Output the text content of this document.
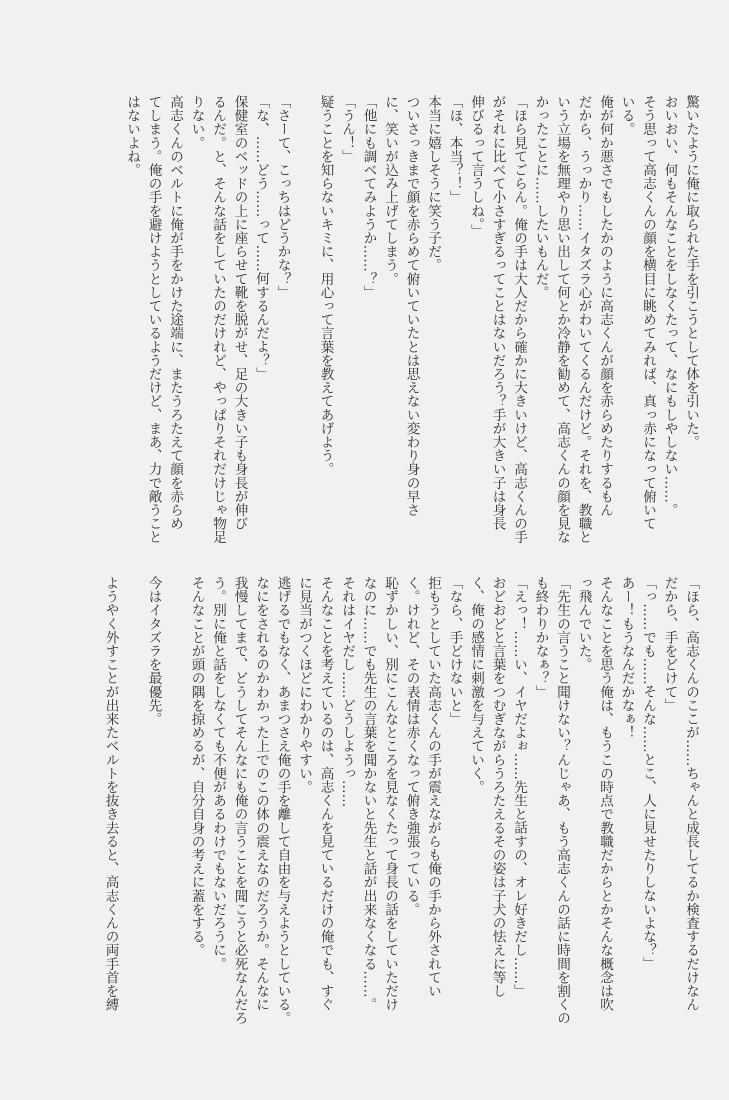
驚いたように俺に取られた手を引こうとして体を引いた。

おいおい、何もそんなことをしなくたって、なにもしやしない……。

そう思って高志くんの顔を横目に眺めてみれば、真っ赤になって俯いて

いる。

俺が何か悪さでもしたかのように高志くんが顔を赤らめたりするもん

だから、うっかり……イタズラ心がわいてくるんだけど。それを、教職と

いう立場を無理やり思い出して何とか冷静を勧めて、高志くんの顔を見な

かったことに……したいもんだ。

「ほら見てごらん。俺の手は大人だから確かに大きいけど、高志くんの手

がそれに比べて小さすぎるってことはないだろう？手が大きい子は身長

伸びるって言うしね。」

「ほ、本当？！」

本当に嬉しそうに笑う子だ。

ついさっきまで顔を赤らめて俯いていたとは思えない変わり身の早さ

に、笑いが込み上げてしまう。

「他にも調べてみようか……？」

「うん！」

疑うことを知らないキミに、用心って言葉を教えてあげよう。

「さーて、こっちはどうかな？」

「な、……どう……って……何するんだよ？」

保健室のベッドの上に座らせて靴を脱がせ、足の大きい子も身長が伸び

るんだ。と、そんな話をしていたのだけれど、やっぱりそれだけじゃ物足

りない。

高志くんのベルトに俺が手をかけた途端に、またうろたえて顔を赤らめ

てしまう。俺の手を避けようとしているようだけど、まあ、力で敵うこと

はないよね。

「ほら、高志くんのここが……ちゃんと成長してるか検査するだけなん

だから、手をどけて」

「っ……でも……そんな……とこ、人に見せたりしないよな？」

あー！もうなんだかなぁ！

そんなことを思う俺は、もうこの時点で教職だからとかそんな概念は吹

っ飛んでいた。

「先生の言うこと聞けない？んじゃあ、もう高志くんの話に時間を割くの

も終わりかなぁ？」

「えっ！……い、イヤだよぉ……先生と話すの、オレ好きだし……」

おどおどと言葉をつむぎながらうろたえるその姿は子犬の怯えに等し

く、俺の感情に刺激を与えていく。

「なら、手どけないと」

拒もうとしていた高志くんの手が震えながらも俺の手から外されてい

く。けれど、その表情は赤くなって俯き強張っている。

恥ずかしい、別にこんなところを見なくたって身長の話をしていただけ

なのに……でも先生の言葉を聞かないと先生と話が出来なくなる……。

それはイヤだし……どうしようっ……

そんなことを考えているのは、高志くんを見ているだけの俺でも、すぐ

に見当がつくほどにわかりやすい。

逃げるでもなく、あまつさえ俺の手を離して自由を与えようとしている。

なにをされるのかわかった上でのこの体の震えなのだろうか。そんなに

我慢してまで、どうしてそんなにも俺の言うことを聞こうと必死なんだろ

う。別に俺と話をしなくても不便があるわけでもないだろうに。

そんなことが頭の隅を掠めるが、自分自身の考えに蓋をする。

今はイタズラを最優先。

ようやく外すことが出来たベルトを抜き去ると、高志くんの両手首を縛
